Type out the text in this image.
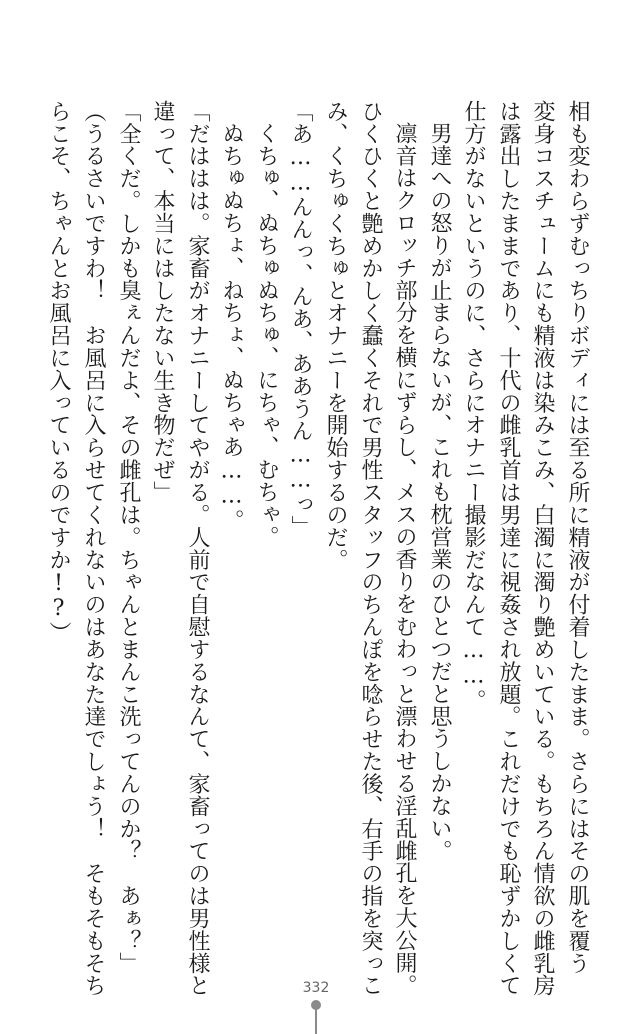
相も変わらずむっちりボディには至る所に精液が付着したまま。さらにはその肌を覆う
変身コスチュームにも精液は染みこみ、白濁に濁り艶めいている。もちろん情欲の雌乳房
は露出したままであり、十代の雌乳首は男達に視姦され放題。これだけでも恥ずかしくて
仕方がないというのに、さらにオナニー撮影だなんて……。
男達への怒りが止まらないが、これも枕営業のひとつだと思うしかない。
凛音はクロッチ部分を横にずらし、メスの香りをむわっと漂わせる淫乱雌孔を大公開。
ひくひくと艶めかしく蠢くそれで男性スタッフのちんぽを唸らせた後、右手の指を突っこ
み、くちゅくちゅとオナニーを開始するのだ。
「あ……んんっ、んあ、ああうん……っ」
くちゅ、ぬちゅぬちゅ、にちゃ、むちゃ。
ぬちゅぬちょ、ねちょ、ぬちゃあ……。
「だははは。家畜がオナニーしてやがる。人前で自慰するなんて、家畜ってのは男性様と
違って、本当にはしたない生き物だぜ」
「全くだ。しかも臭ぇんだよ、その雌孔は。ちゃんとまんこ洗ってんのか？　あぁ？」
（うるさいですわ！　お風呂に入らせてくれないのはあなた達でしょう！　そもそもそち
らこそ、ちゃんとお風呂に入っているのですか!?）
332
